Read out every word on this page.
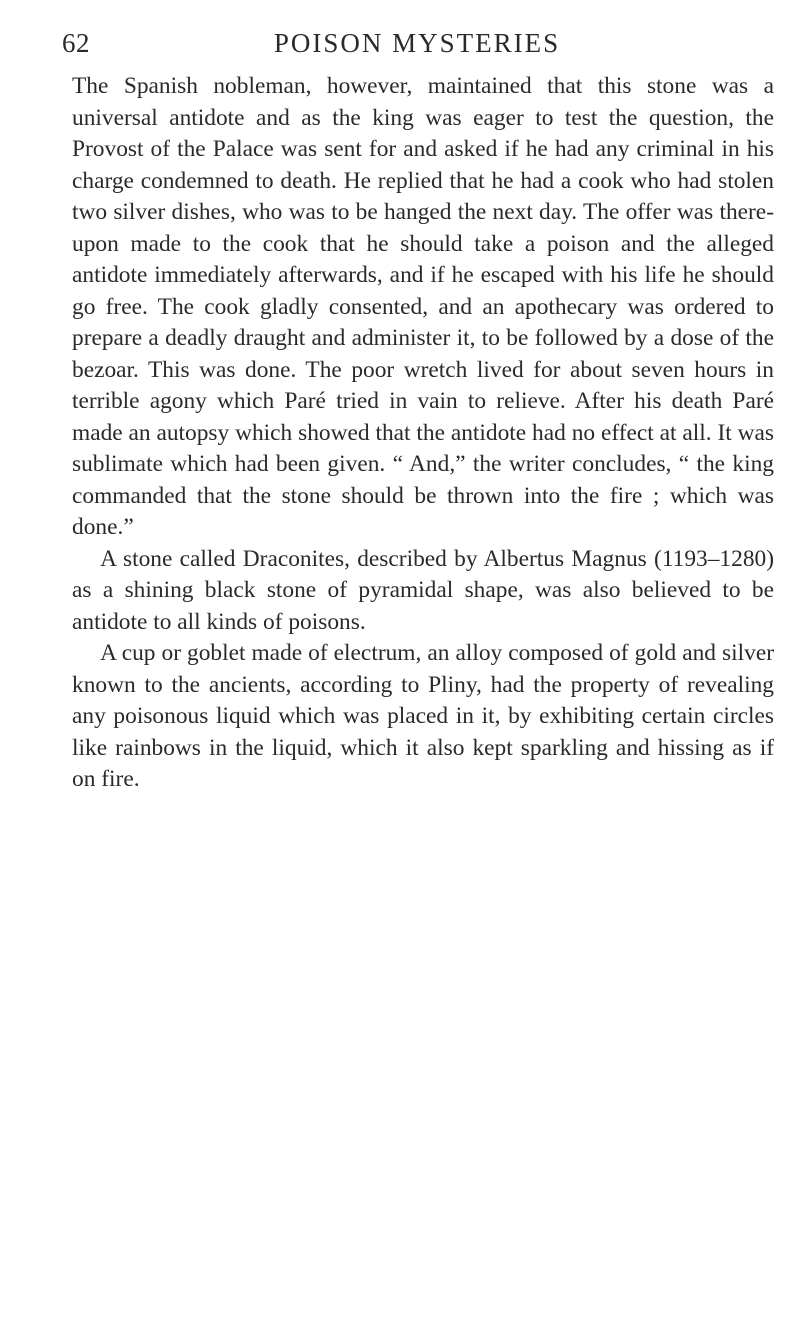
62	POISON MYSTERIES

The Spanish nobleman, however, maintained that this stone was a universal antidote and as the king was eager to test the question, the Provost of the Palace was sent for and asked if he had any criminal in his charge condemned to death. He replied that he had a cook who had stolen two silver dishes, who was to be hanged the next day. The offer was thereupon made to the cook that he should take a poison and the alleged antidote immediately afterwards, and if he escaped with his life he should go free. The cook gladly consented, and an apothecary was ordered to prepare a deadly draught and administer it, to be followed by a dose of the bezoar. This was done. The poor wretch lived for about seven hours in terrible agony which Paré tried in vain to relieve. After his death Paré made an autopsy which showed that the antidote had no effect at all. It was sublimate which had been given. “ And,” the writer concludes, “ the king commanded that the stone should be thrown into the fire ; which was done.”

A stone called Draconites, described by Albertus Magnus (1193–1280) as a shining black stone of pyramidal shape, was also believed to be antidote to all kinds of poisons.

A cup or goblet made of electrum, an alloy composed of gold and silver known to the ancients, according to Pliny, had the property of revealing any poisonous liquid which was placed in it, by exhibiting certain circles like rainbows in the liquid, which it also kept sparkling and hissing as if on fire.
